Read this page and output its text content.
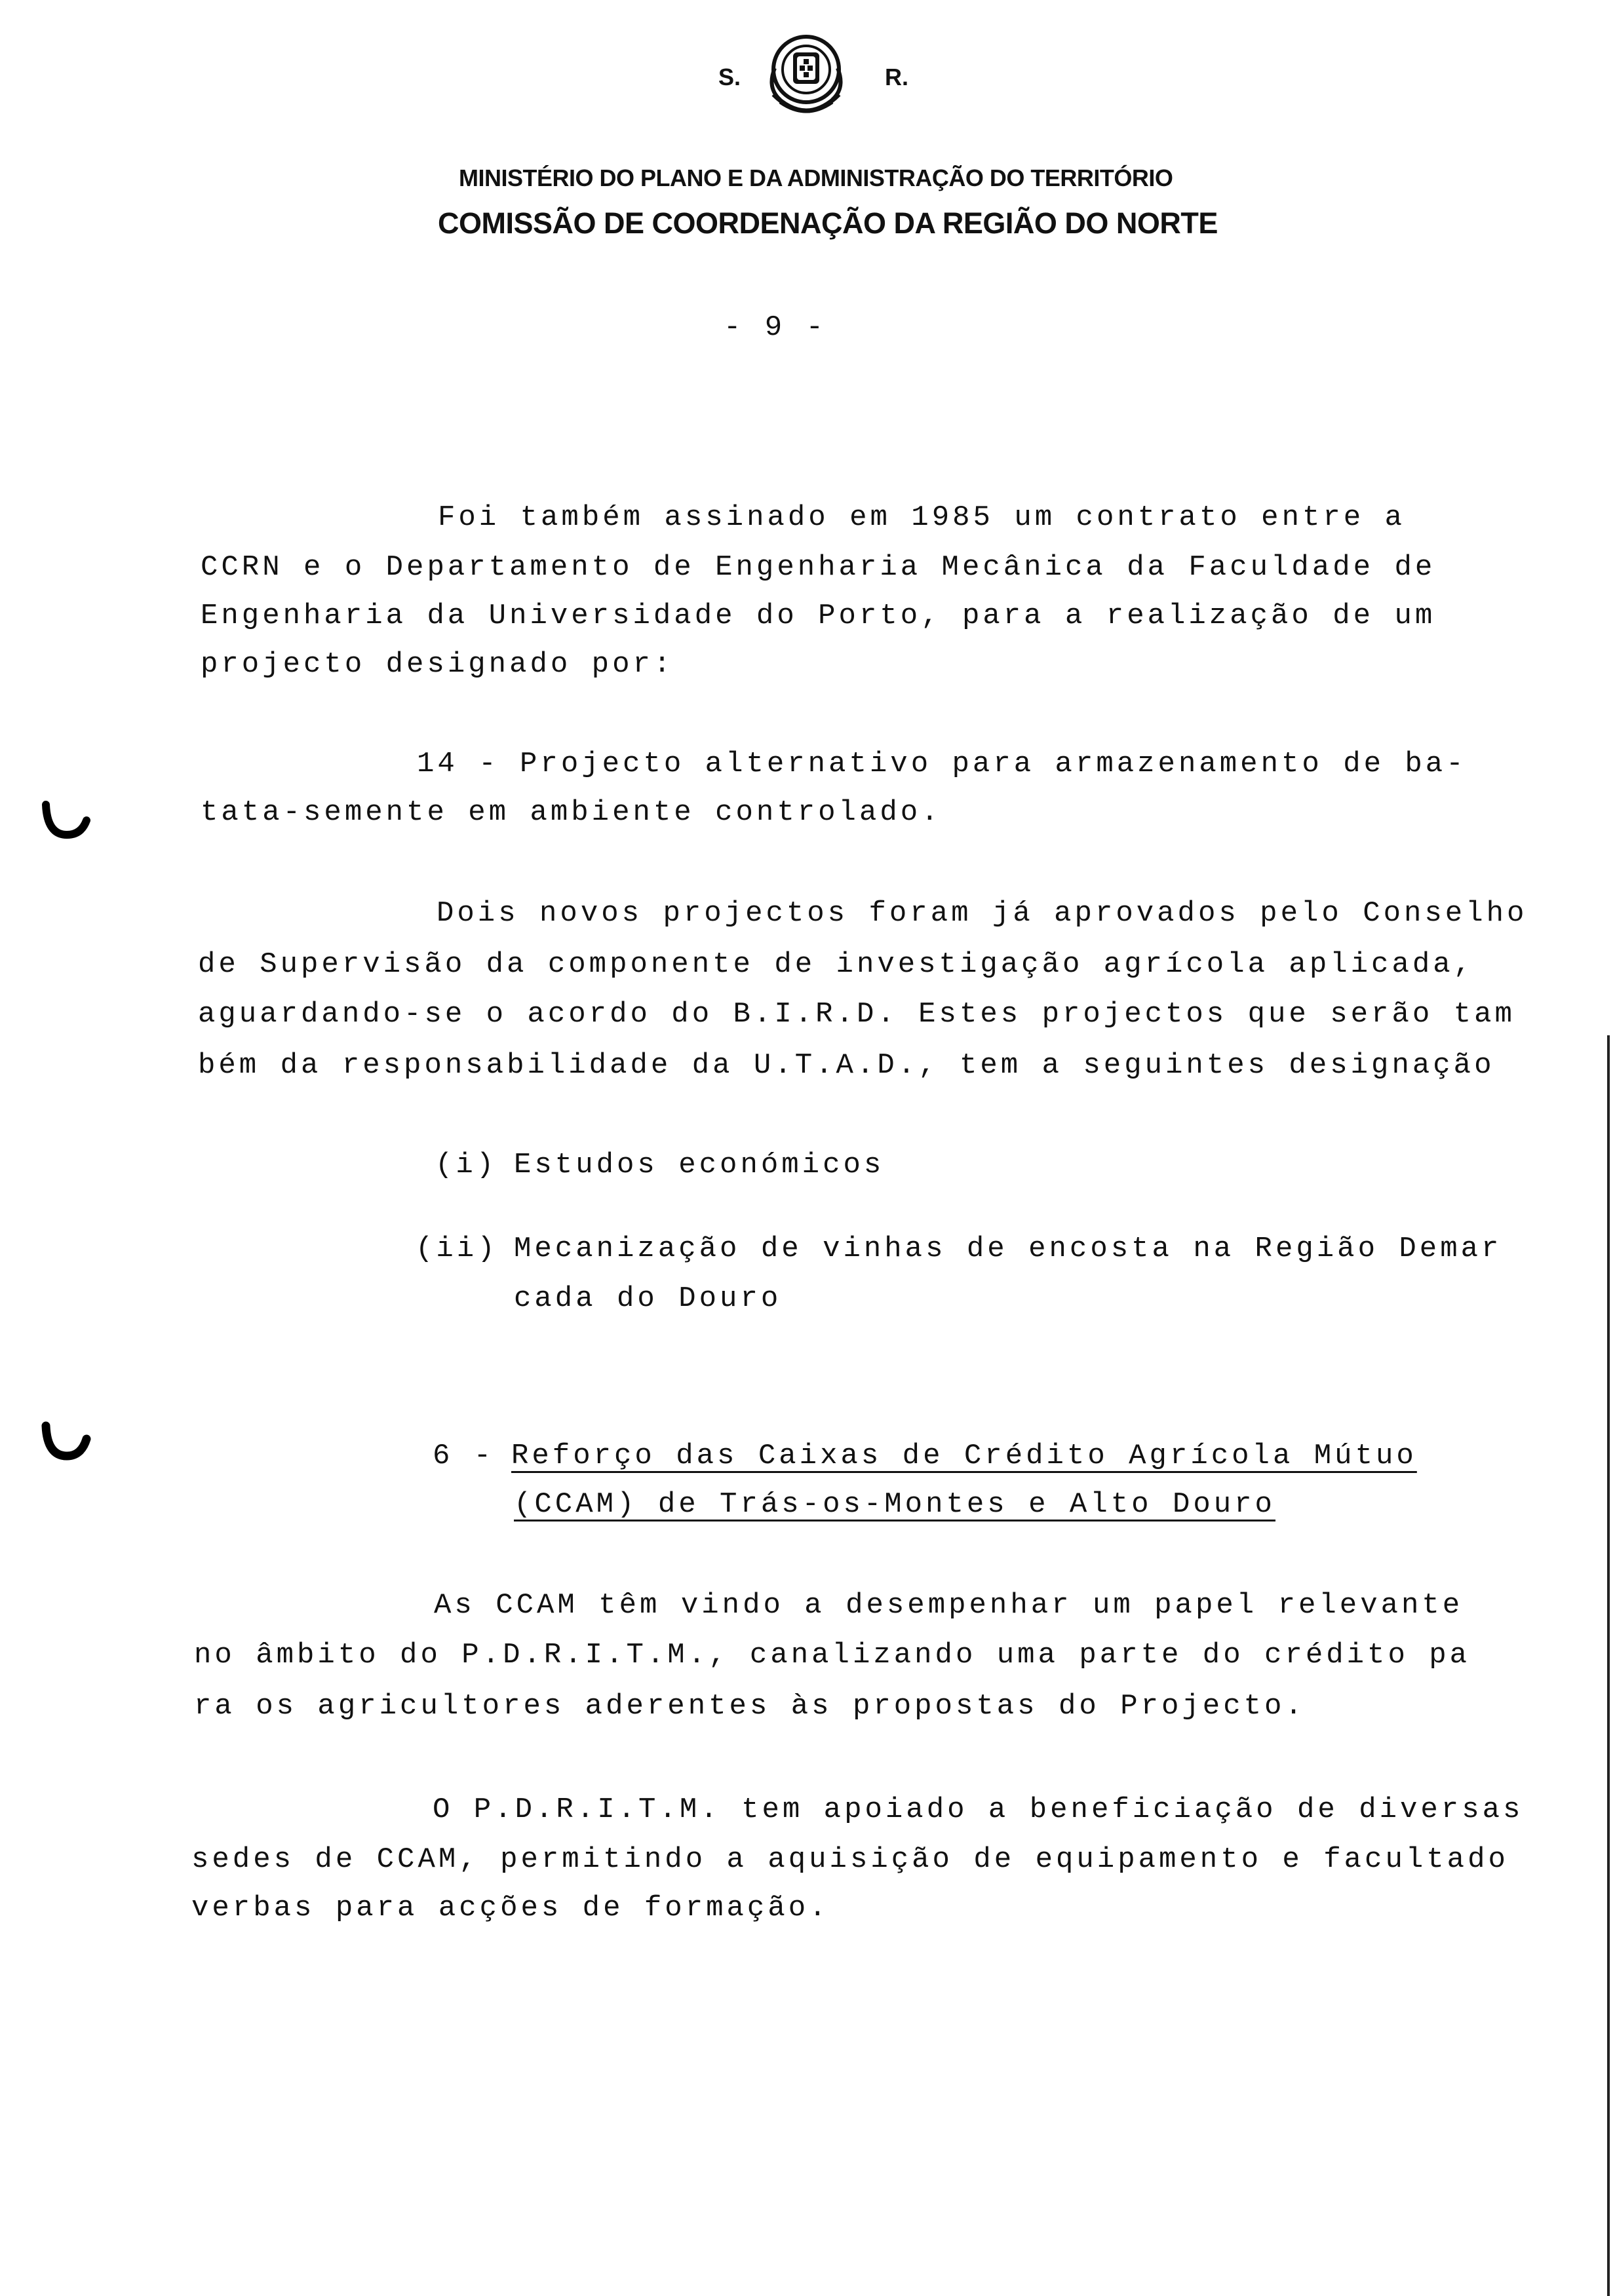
S.	R.
MINISTÉRIO DO PLANO E DA ADMINISTRAÇÃO DO TERRITÓRIO
COMISSÃO DE COORDENAÇÃO DA REGIÃO DO NORTE
- 9 -
Foi também assinado em 1985 um contrato entre a
CCRN e o Departamento de Engenharia Mecânica da Faculdade de
Engenharia da Universidade do Porto, para a realização de um
projecto designado por:
14 - Projecto alternativo para armazenamento de ba-
tata-semente em ambiente controlado.
Dois novos projectos foram já aprovados pelo Conselho
de Supervisão da componente de investigação agrícola aplicada,
aguardando-se o acordo do B.I.R.D. Estes projectos que serão tam
bém da responsabilidade da U.T.A.D., tem a seguintes designação
(i) Estudos económicos
(ii) Mecanização de vinhas de encosta na Região Demar
cada do Douro
6 - Reforço das Caixas de Crédito Agrícola Mútuo
(CCAM) de Trás-os-Montes e Alto Douro
As CCAM têm vindo a desempenhar um papel relevante
no âmbito do P.D.R.I.T.M., canalizando uma parte do crédito pa
ra os agricultores aderentes às propostas do Projecto.
O P.D.R.I.T.M. tem apoiado a beneficiação de diversas
sedes de CCAM, permitindo a aquisição de equipamento e facultado
verbas para acções de formação.
